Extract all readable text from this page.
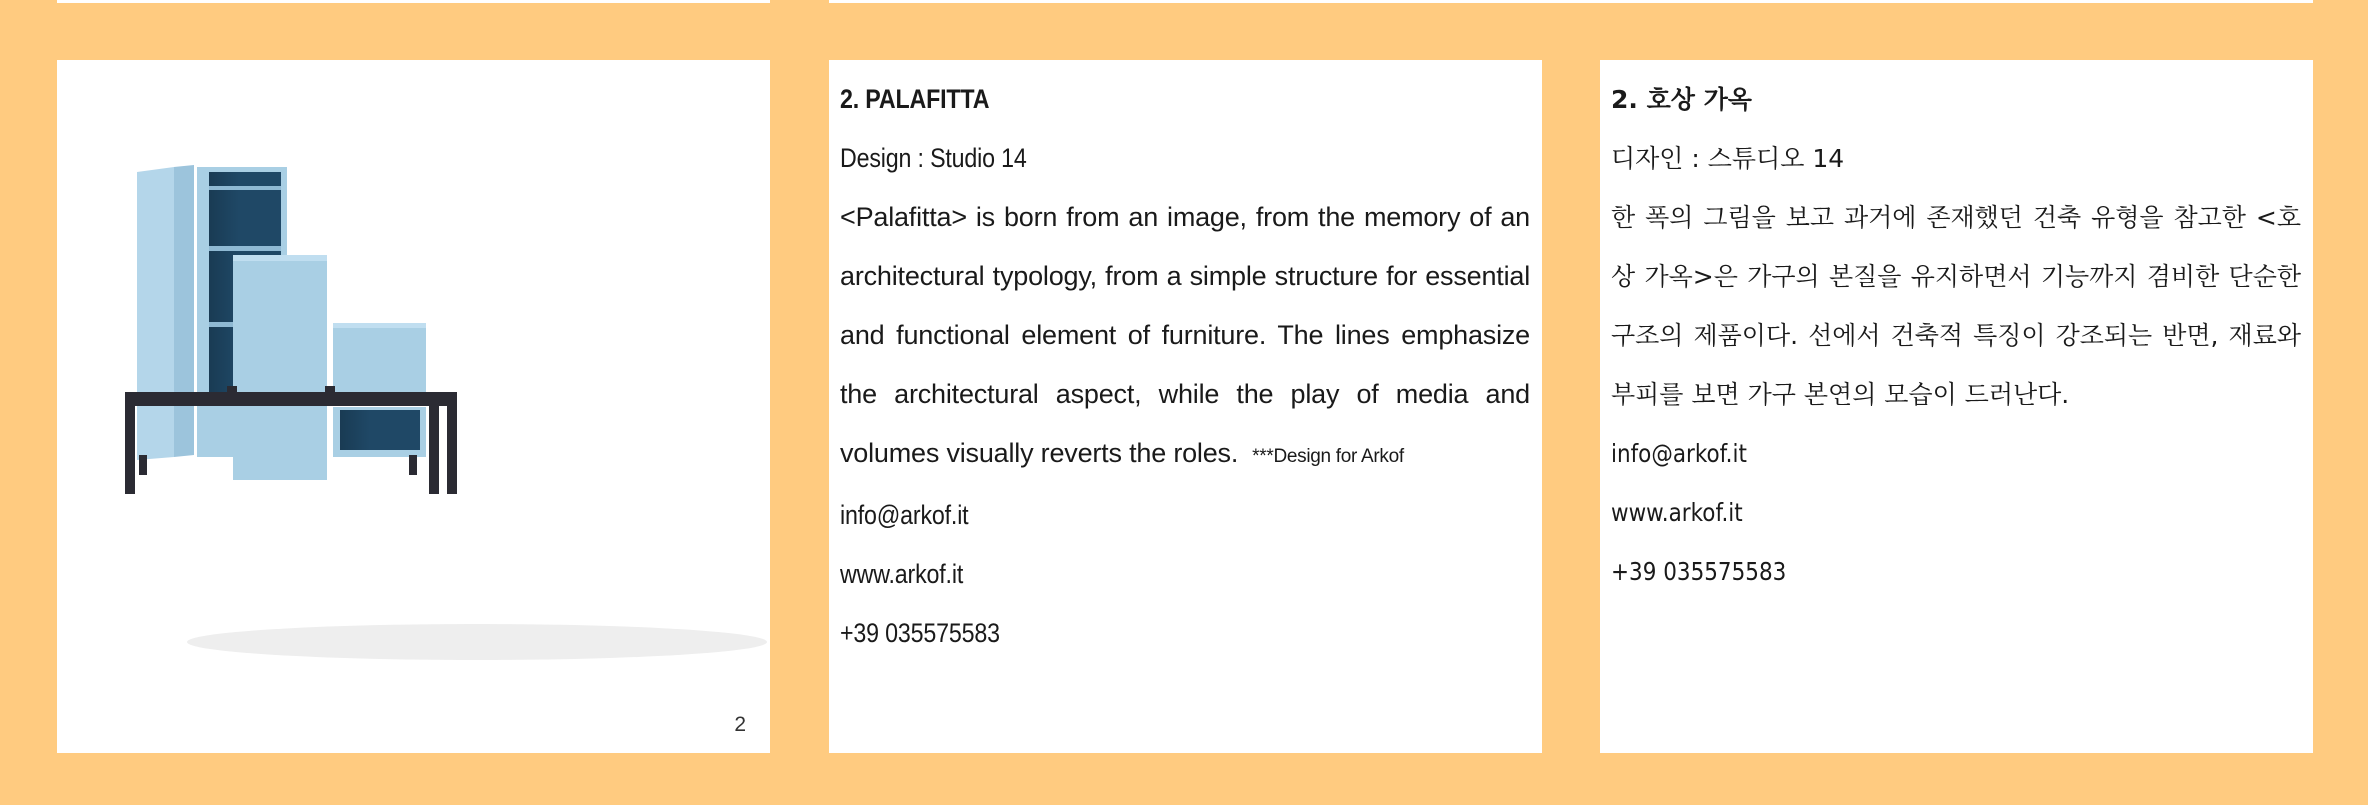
2
2. PALAFITTA
Design : Studio 14
<Palafitta> is born from an image, from the memory of an architectural typology, from a simple structure for essential and functional element of furniture. The lines emphasize the architectural aspect, while the play of media and volumes visually reverts the roles. ***Design for Arkof
info@arkof.it
www.arkof.it
+39 035575583
2. 호상 가옥
디자인 : 스튜디오 14
한 폭의 그림을 보고 과거에 존재했던 건축 유형을 참고한 <호상 가옥>은 가구의 본질을 유지하면서 기능까지 겸비한 단순한 구조의 제품이다. 선에서 건축적 특징이 강조되는 반면, 재료와 부피를 보면 가구 본연의 모습이 드러난다.
info@arkof.it
www.arkof.it
+39 035575583
